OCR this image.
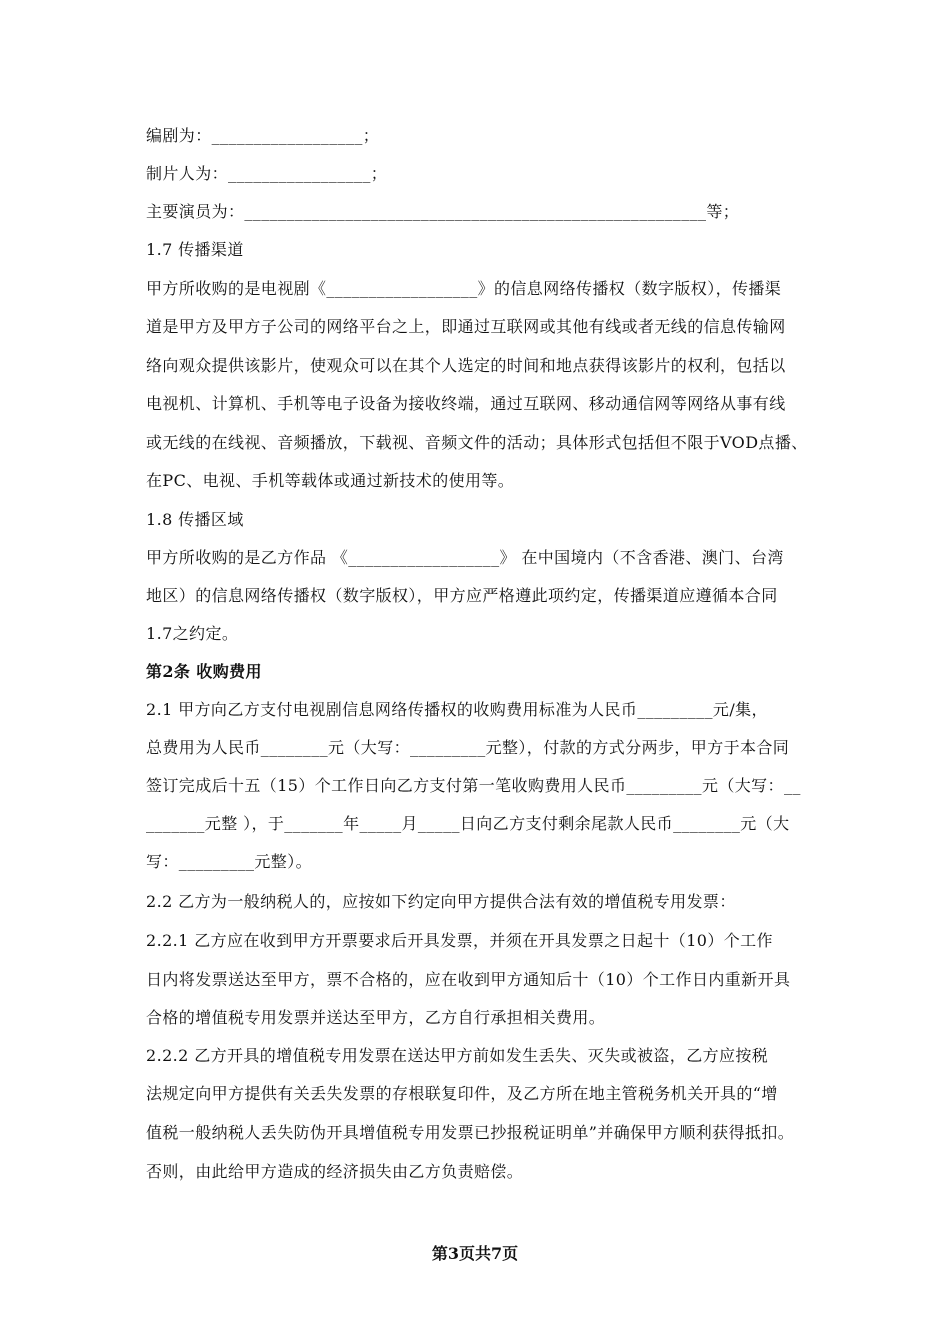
编剧为：__________________；
制片人为：_________________；
主要演员为：_______________________________________________________等；
1.7 传播渠道
甲方所收购的是电视剧《__________________》的信息网络传播权（数字版权），传播渠
道是甲方及甲方子公司的网络平台之上，即通过互联网或其他有线或者无线的信息传输网
络向观众提供该影片，使观众可以在其个人选定的时间和地点获得该影片的权利，包括以
电视机、计算机、手机等电子设备为接收终端，通过互联网、移动通信网等网络从事有线
或无线的在线视、音频播放，下载视、音频文件的活动；具体形式包括但不限于VOD点播、
在PC、电视、手机等载体或通过新技术的使用等。
1.8 传播区域
甲方所收购的是乙方作品 《__________________》 在中国境内（不含香港、澳门、台湾
地区）的信息网络传播权（数字版权），甲方应严格遵此项约定，传播渠道应遵循本合同
1.7之约定。
第2条 收购费用
2.1 甲方向乙方支付电视剧信息网络传播权的收购费用标准为人民币_________元/集，
总费用为人民币________元（大写：_________元整），付款的方式分两步，甲方于本合同
签订完成后十五（15）个工作日向乙方支付第一笔收购费用人民币_________元（大写：__
_______元整 ），于_______年_____月_____日向乙方支付剩余尾款人民币________元（大
写：_________元整）。
2.2 乙方为一般纳税人的，应按如下约定向甲方提供合法有效的增值税专用发票：
2.2.1 乙方应在收到甲方开票要求后开具发票，并须在开具发票之日起十（10）个工作
日内将发票送达至甲方，票不合格的，应在收到甲方通知后十（10）个工作日内重新开具
合格的增值税专用发票并送达至甲方，乙方自行承担相关费用。
2.2.2 乙方开具的增值税专用发票在送达甲方前如发生丢失、灭失或被盗，乙方应按税
法规定向甲方提供有关丢失发票的存根联复印件，及乙方所在地主管税务机关开具的“增
值税一般纳税人丢失防伪开具增值税专用发票已抄报税证明单”并确保甲方顺利获得抵扣。
否则，由此给甲方造成的经济损失由乙方负责赔偿。
第3页共7页
